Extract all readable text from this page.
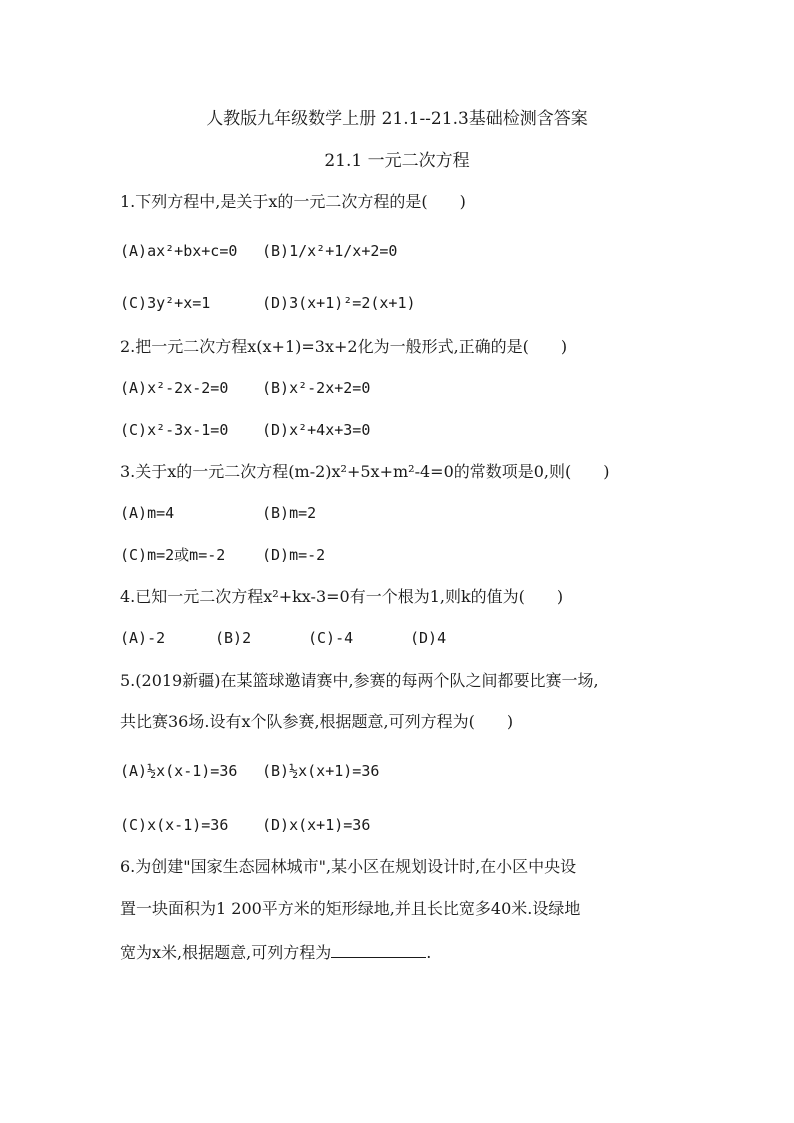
人教版九年级数学上册 21.1--21.3基础检测含答案
21.1 一元二次方程
1.下列方程中,是关于x的一元二次方程的是(　　)
(A)ax²+bx+c=0 (B)1/x²+1/x+2=0
(C)3y²+x=1	(D)3(x+1)²=2(x+1)
2.把一元二次方程x(x+1)=3x+2化为一般形式,正确的是(　　)
(A)x²-2x-2=0 (B)x²-2x+2=0
(C)x²-3x-1=0 (D)x²+4x+3=0
3.关于x的一元二次方程(m-2)x²+5x+m²-4=0的常数项是0,则(　　)
(A)m=4	(B)m=2
(C)m=2或m=-2 (D)m=-2
4.已知一元二次方程x²+kx-3=0有一个根为1,则k的值为(　　)
(A)-2	(B)2	(C)-4	(D)4
5.(2019新疆)在某篮球邀请赛中,参赛的每两个队之间都要比赛一场,
共比赛36场.设有x个队参赛,根据题意,可列方程为(　　)
(A)½x(x-1)=36 (B)½x(x+1)=36
(C)x(x-1)=36 (D)x(x+1)=36
6.为创建"国家生态园林城市",某小区在规划设计时,在小区中央设
置一块面积为1 200平方米的矩形绿地,并且长比宽多40米.设绿地
宽为x米,根据题意,可列方程为	.
